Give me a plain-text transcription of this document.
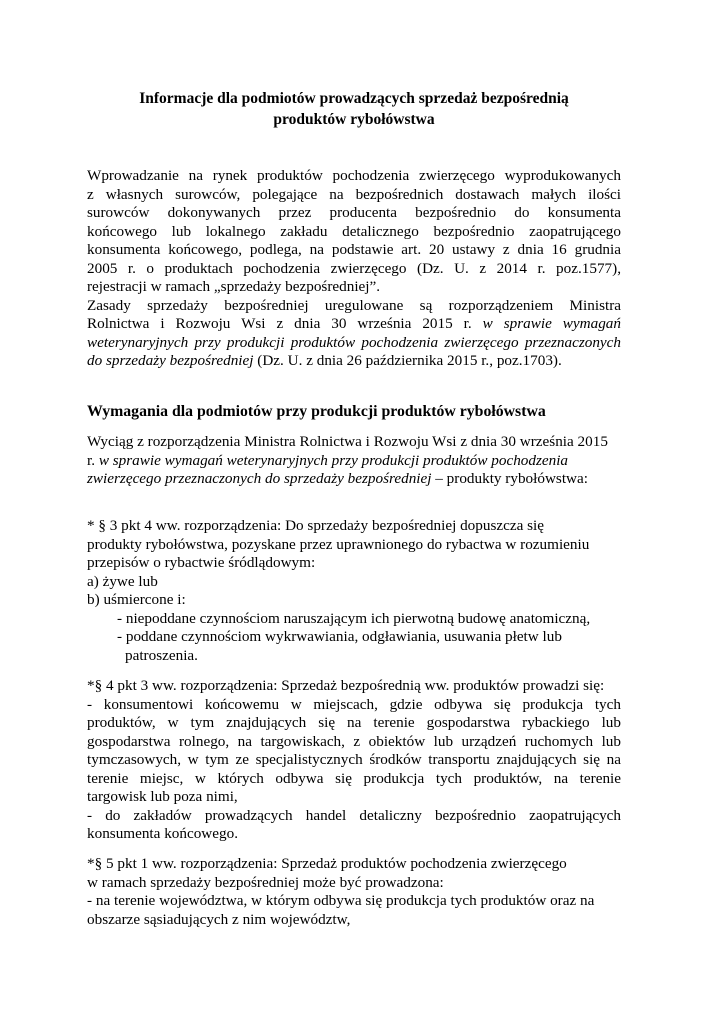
Informacje dla podmiotów prowadzących sprzedaż bezpośrednią
produktów rybołówstwa
Wprowadzanie na rynek produktów pochodzenia zwierzęcego wyprodukowanych
z własnych surowców, polegające na bezpośrednich dostawach małych ilości
surowców dokonywanych przez producenta bezpośrednio do konsumenta
końcowego lub lokalnego zakładu detalicznego bezpośrednio zaopatrującego
konsumenta końcowego, podlega, na podstawie art. 20 ustawy z dnia 16 grudnia
2005 r. o produktach pochodzenia zwierzęcego (Dz. U. z 2014 r. poz.1577),
rejestracji w ramach „sprzedaży bezpośredniej”.
Zasady sprzedaży bezpośredniej uregulowane są rozporządzeniem Ministra
Rolnictwa i Rozwoju Wsi z dnia 30 września 2015 r. w sprawie wymagań
weterynaryjnych przy produkcji produktów pochodzenia zwierzęcego przeznaczonych
do sprzedaży bezpośredniej (Dz. U. z dnia 26 października 2015 r., poz.1703).
Wymagania dla podmiotów przy produkcji produktów rybołówstwa
Wyciąg z rozporządzenia Ministra Rolnictwa i Rozwoju Wsi z dnia 30 września 2015
r. w sprawie wymagań weterynaryjnych przy produkcji produktów pochodzenia
zwierzęcego przeznaczonych do sprzedaży bezpośredniej – produkty rybołówstwa:
* § 3 pkt 4 ww. rozporządzenia: Do sprzedaży bezpośredniej dopuszcza się
produkty rybołówstwa, pozyskane przez uprawnionego do rybactwa w rozumieniu
przepisów o rybactwie śródlądowym:
a) żywe lub
b) uśmiercone i:
- niepoddane czynnościom naruszającym ich pierwotną budowę anatomiczną,
- poddane czynnościom wykrwawiania, odgławiania, usuwania płetw lub
patroszenia.
*§ 4 pkt 3 ww. rozporządzenia: Sprzedaż bezpośrednią ww. produktów prowadzi się:
- konsumentowi końcowemu w miejscach, gdzie odbywa się produkcja tych
produktów, w tym znajdujących się na terenie gospodarstwa rybackiego lub
gospodarstwa rolnego, na targowiskach, z obiektów lub urządzeń ruchomych lub
tymczasowych, w tym ze specjalistycznych środków transportu znajdujących się na
terenie miejsc, w których odbywa się produkcja tych produktów, na terenie
targowisk lub poza nimi,
- do zakładów prowadzących handel detaliczny bezpośrednio zaopatrujących
konsumenta końcowego.
*§ 5 pkt 1 ww. rozporządzenia: Sprzedaż produktów pochodzenia zwierzęcego
w ramach sprzedaży bezpośredniej może być prowadzona:
- na terenie województwa, w którym odbywa się produkcja tych produktów oraz na
obszarze sąsiadujących z nim województw,
